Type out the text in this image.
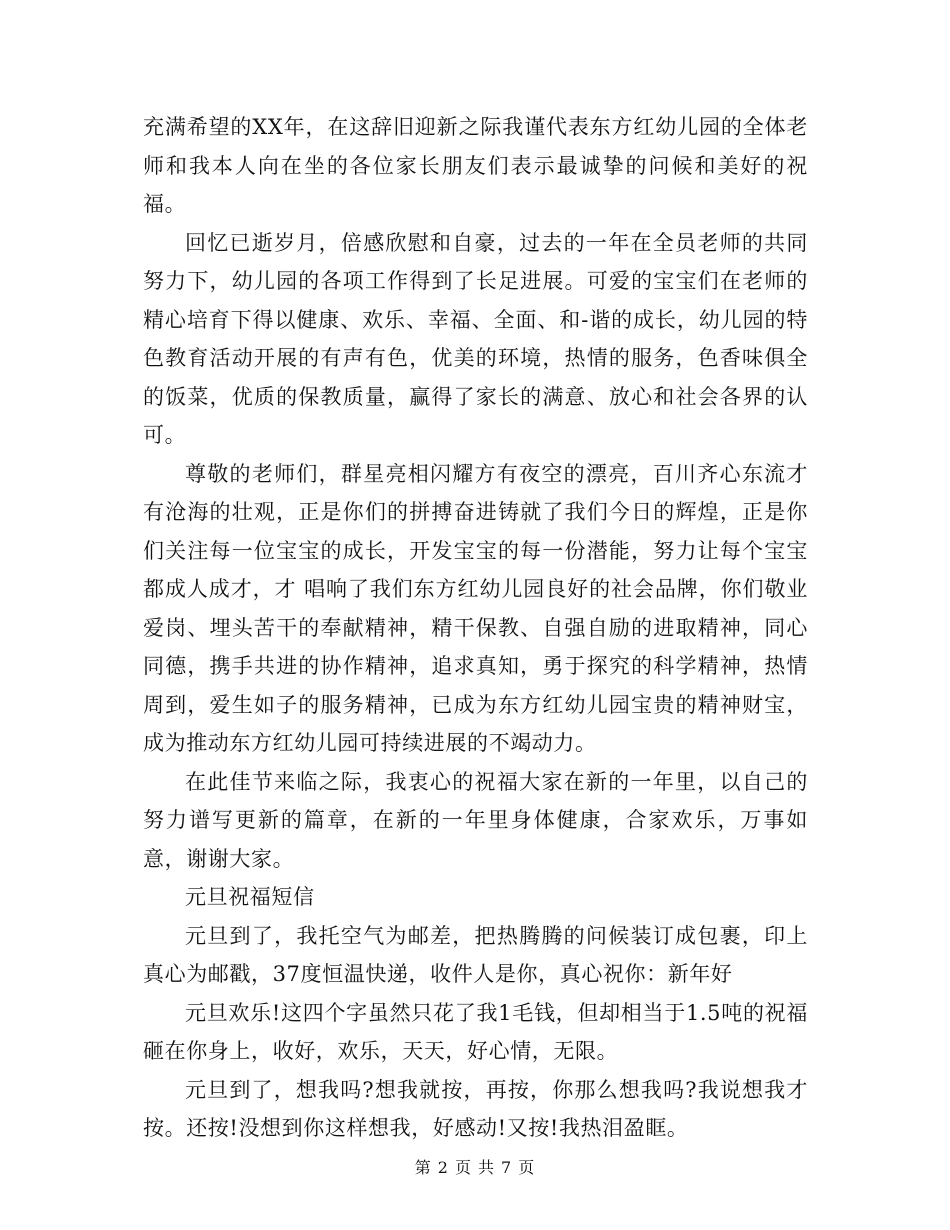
充满希望的XX年，在这辞旧迎新之际我谨代表东方红幼儿园的全体老师和我本人向在坐的各位家长朋友们表示最诚挚的问候和美好的祝福。

回忆已逝岁月，倍感欣慰和自豪，过去的一年在全员老师的共同努力下，幼儿园的各项工作得到了长足进展。可爱的宝宝们在老师的精心培育下得以健康、欢乐、幸福、全面、和-谐的成长，幼儿园的特色教育活动开展的有声有色，优美的环境，热情的服务，色香味俱全的饭菜，优质的保教质量，赢得了家长的满意、放心和社会各界的认可。

尊敬的老师们，群星亮相闪耀方有夜空的漂亮，百川齐心东流才有沧海的壮观，正是你们的拼搏奋进铸就了我们今日的辉煌，正是你们关注每一位宝宝的成长，开发宝宝的每一份潜能，努力让每个宝宝都成人成才，才 唱响了我们东方红幼儿园良好的社会品牌，你们敬业爱岗、埋头苦干的奉献精神，精干保教、自强自励的进取精神，同心同德，携手共进的协作精神，追求真知，勇于探究的科学精神，热情周到，爱生如子的服务精神，已成为东方红幼儿园宝贵的精神财宝，成为推动东方红幼儿园可持续进展的不竭动力。

在此佳节来临之际，我衷心的祝福大家在新的一年里，以自己的努力谱写更新的篇章，在新的一年里身体健康，合家欢乐，万事如意，谢谢大家。

元旦祝福短信

元旦到了，我托空气为邮差，把热腾腾的问候装订成包裹，印上真心为邮戳，37度恒温快递，收件人是你，真心祝你：新年好

元旦欢乐!这四个字虽然只花了我1毛钱，但却相当于1.5吨的祝福砸在你身上，收好，欢乐，天天，好心情，无限。

元旦到了，想我吗?想我就按，再按，你那么想我吗?我说想我才按。还按!没想到你这样想我，好感动!又按!我热泪盈眶。

第 2 页 共 7 页
